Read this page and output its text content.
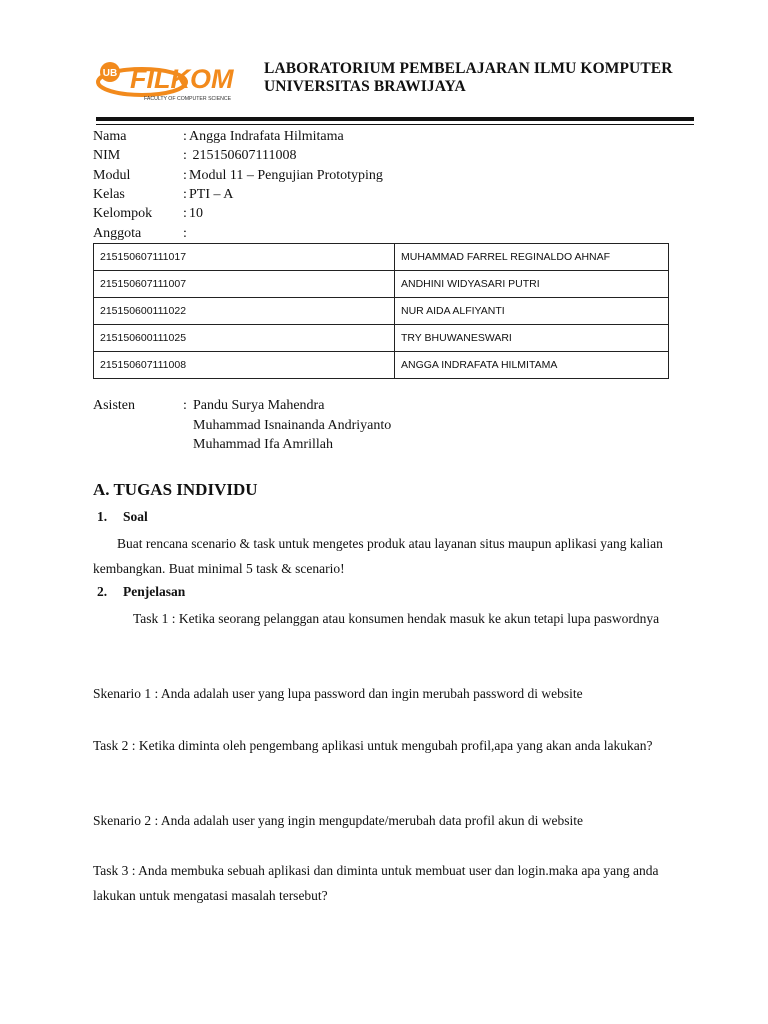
UB FILKOM
FACULTY OF COMPUTER SCIENCE
LABORATORIUM PEMBELAJARAN ILMU KOMPUTER
UNIVERSITAS BRAWIJAYA
Nama	: Angga Indrafata Hilmitama
NIM	: 215150607111008
Modul	: Modul 11 – Pengujian Prototyping
Kelas	: PTI – A
Kelompok : 10
Anggota	:
215150607111017	MUHAMMAD FARREL REGINALDO AHNAF
215150607111007	ANDHINI WIDYASARI PUTRI
215150600111022	NUR AIDA ALFIYANTI
215150600111025	TRY BHUWANESWARI
215150607111008	ANGGA INDRAFATA HILMITAMA
Asisten	: Pandu Surya Mahendra
Muhammad Isnainanda Andriyanto
Muhammad Ifa Amrillah
A. TUGAS INDIVIDU
1. Soal
Buat rencana scenario & task untuk mengetes produk atau layanan situs maupun aplikasi yang kalian kembangkan. Buat minimal 5 task & scenario!
2. Penjelasan
Task 1 : Ketika seorang pelanggan atau konsumen hendak masuk ke akun tetapi lupa paswordnya
Skenario 1 : Anda adalah user yang lupa password dan ingin merubah password di website
Task 2 : Ketika diminta oleh pengembang aplikasi untuk mengubah profil,apa yang akan anda lakukan?
Skenario 2 : Anda adalah user yang ingin mengupdate/merubah data profil akun di website
Task 3 : Anda membuka sebuah aplikasi dan diminta untuk membuat user dan login.maka apa yang anda lakukan untuk mengatasi masalah tersebut?
